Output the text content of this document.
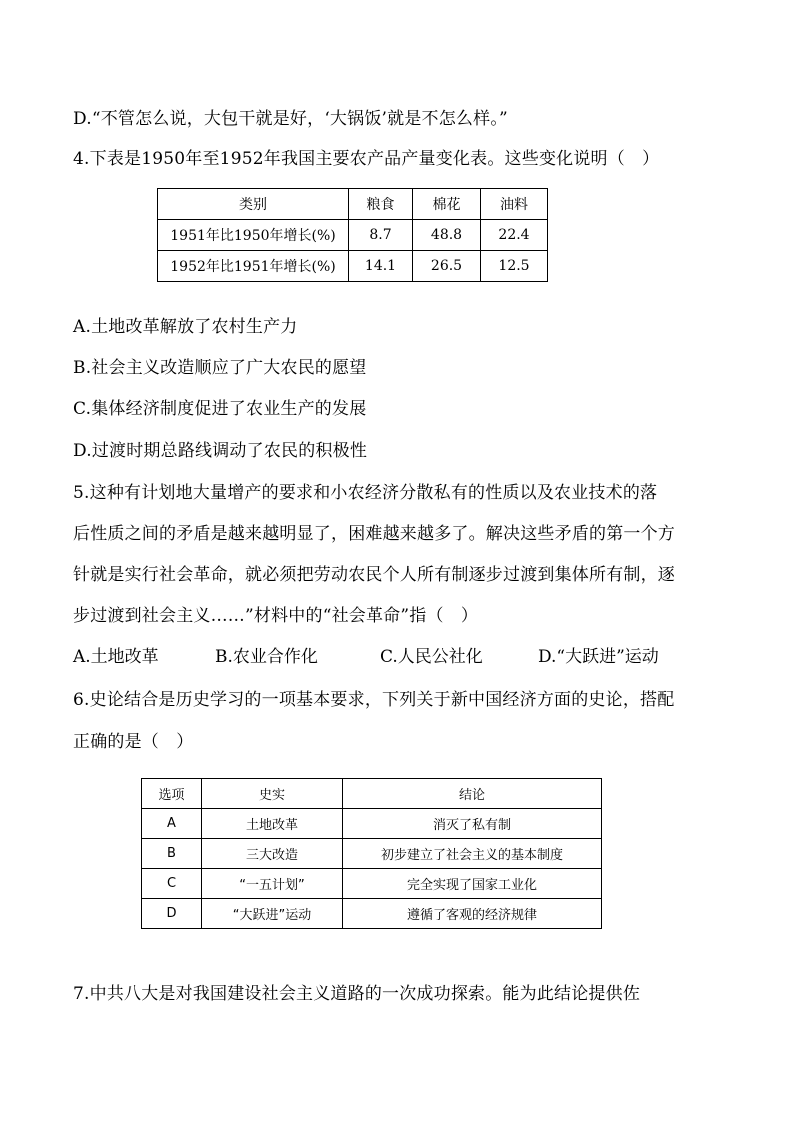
D.“不管怎么说，大包干就是好，‘大锅饭’就是不怎么样。”
4.下表是1950年至1952年我国主要农产品产量变化表。这些变化说明（　）
类别	粮食	棉花	油料
1951年比1950年增长(%)	8.7	48.8	22.4
1952年比1951年增长(%)	14.1	26.5	12.5
A.土地改革解放了农村生产力
B.社会主义改造顺应了广大农民的愿望
C.集体经济制度促进了农业生产的发展
D.过渡时期总路线调动了农民的积极性
5.这种有计划地大量增产的要求和小农经济分散私有的性质以及农业技术的落
后性质之间的矛盾是越来越明显了，困难越来越多了。解决这些矛盾的第一个方
针就是实行社会革命，就必须把劳动农民个人所有制逐步过渡到集体所有制，逐
步过渡到社会主义……”材料中的“社会革命”指（　）
A.土地改革	B.农业合作化	C.人民公社化	D.“大跃进”运动
6.史论结合是历史学习的一项基本要求，下列关于新中国经济方面的史论，搭配
正确的是（　）
选项	史实	结论
A	土地改革	消灭了私有制
B	三大改造	初步建立了社会主义的基本制度
C	“一五计划”	完全实现了国家工业化
D	“大跃进”运动	遵循了客观的经济规律
7.中共八大是对我国建设社会主义道路的一次成功探索。能为此结论提供佐
